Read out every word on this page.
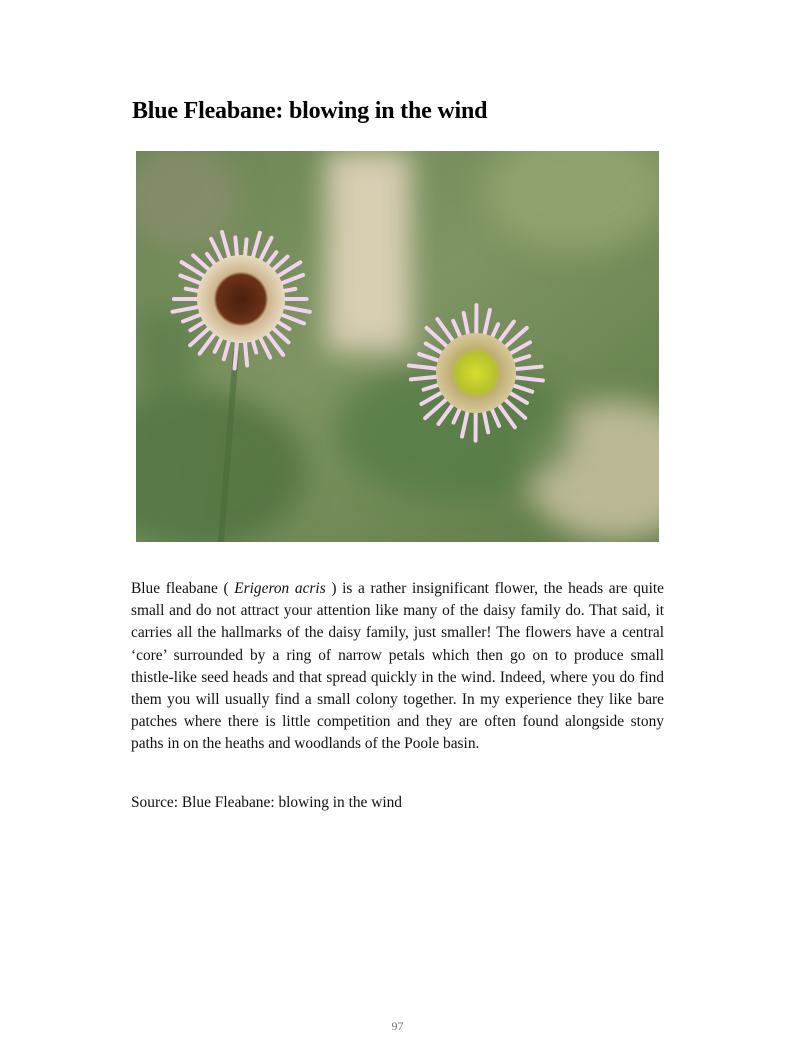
Blue Fleabane: blowing in the wind

Blue fleabane ( Erigeron acris ) is a rather insignificant flower, the heads are quite small and do not attract your attention like many of the daisy family do. That said, it carries all the hallmarks of the daisy family, just smaller! The flowers have a central ‘core’ surrounded by a ring of narrow petals which then go on to produce small thistle-like seed heads and that spread quickly in the wind. Indeed, where you do find them you will usually find a small colony together. In my experience they like bare patches where there is little competition and they are often found alongside stony paths in on the heaths and woodlands of the Poole basin.

Source: Blue Fleabane: blowing in the wind

97
